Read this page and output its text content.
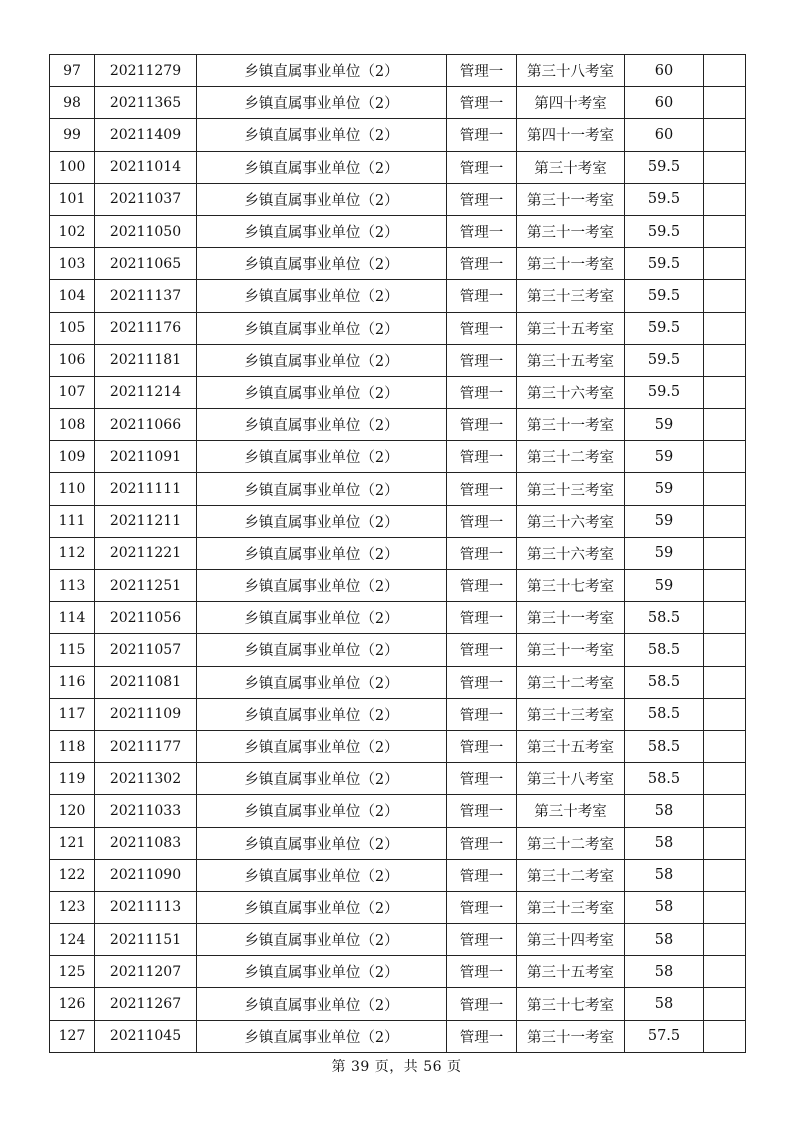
97	20211279	乡镇直属事业单位（2）	管理一	第三十八考室	60	
98	20211365	乡镇直属事业单位（2）	管理一	第四十考室	60	
99	20211409	乡镇直属事业单位（2）	管理一	第四十一考室	60	
100	20211014	乡镇直属事业单位（2）	管理一	第三十考室	59.5	
101	20211037	乡镇直属事业单位（2）	管理一	第三十一考室	59.5	
102	20211050	乡镇直属事业单位（2）	管理一	第三十一考室	59.5	
103	20211065	乡镇直属事业单位（2）	管理一	第三十一考室	59.5	
104	20211137	乡镇直属事业单位（2）	管理一	第三十三考室	59.5	
105	20211176	乡镇直属事业单位（2）	管理一	第三十五考室	59.5	
106	20211181	乡镇直属事业单位（2）	管理一	第三十五考室	59.5	
107	20211214	乡镇直属事业单位（2）	管理一	第三十六考室	59.5	
108	20211066	乡镇直属事业单位（2）	管理一	第三十一考室	59	
109	20211091	乡镇直属事业单位（2）	管理一	第三十二考室	59	
110	20211111	乡镇直属事业单位（2）	管理一	第三十三考室	59	
111	20211211	乡镇直属事业单位（2）	管理一	第三十六考室	59	
112	20211221	乡镇直属事业单位（2）	管理一	第三十六考室	59	
113	20211251	乡镇直属事业单位（2）	管理一	第三十七考室	59	
114	20211056	乡镇直属事业单位（2）	管理一	第三十一考室	58.5	
115	20211057	乡镇直属事业单位（2）	管理一	第三十一考室	58.5	
116	20211081	乡镇直属事业单位（2）	管理一	第三十二考室	58.5	
117	20211109	乡镇直属事业单位（2）	管理一	第三十三考室	58.5	
118	20211177	乡镇直属事业单位（2）	管理一	第三十五考室	58.5	
119	20211302	乡镇直属事业单位（2）	管理一	第三十八考室	58.5	
120	20211033	乡镇直属事业单位（2）	管理一	第三十考室	58	
121	20211083	乡镇直属事业单位（2）	管理一	第三十二考室	58	
122	20211090	乡镇直属事业单位（2）	管理一	第三十二考室	58	
123	20211113	乡镇直属事业单位（2）	管理一	第三十三考室	58	
124	20211151	乡镇直属事业单位（2）	管理一	第三十四考室	58	
125	20211207	乡镇直属事业单位（2）	管理一	第三十五考室	58	
126	20211267	乡镇直属事业单位（2）	管理一	第三十七考室	58	
127	20211045	乡镇直属事业单位（2）	管理一	第三十一考室	57.5	
第 39 页，共 56 页
